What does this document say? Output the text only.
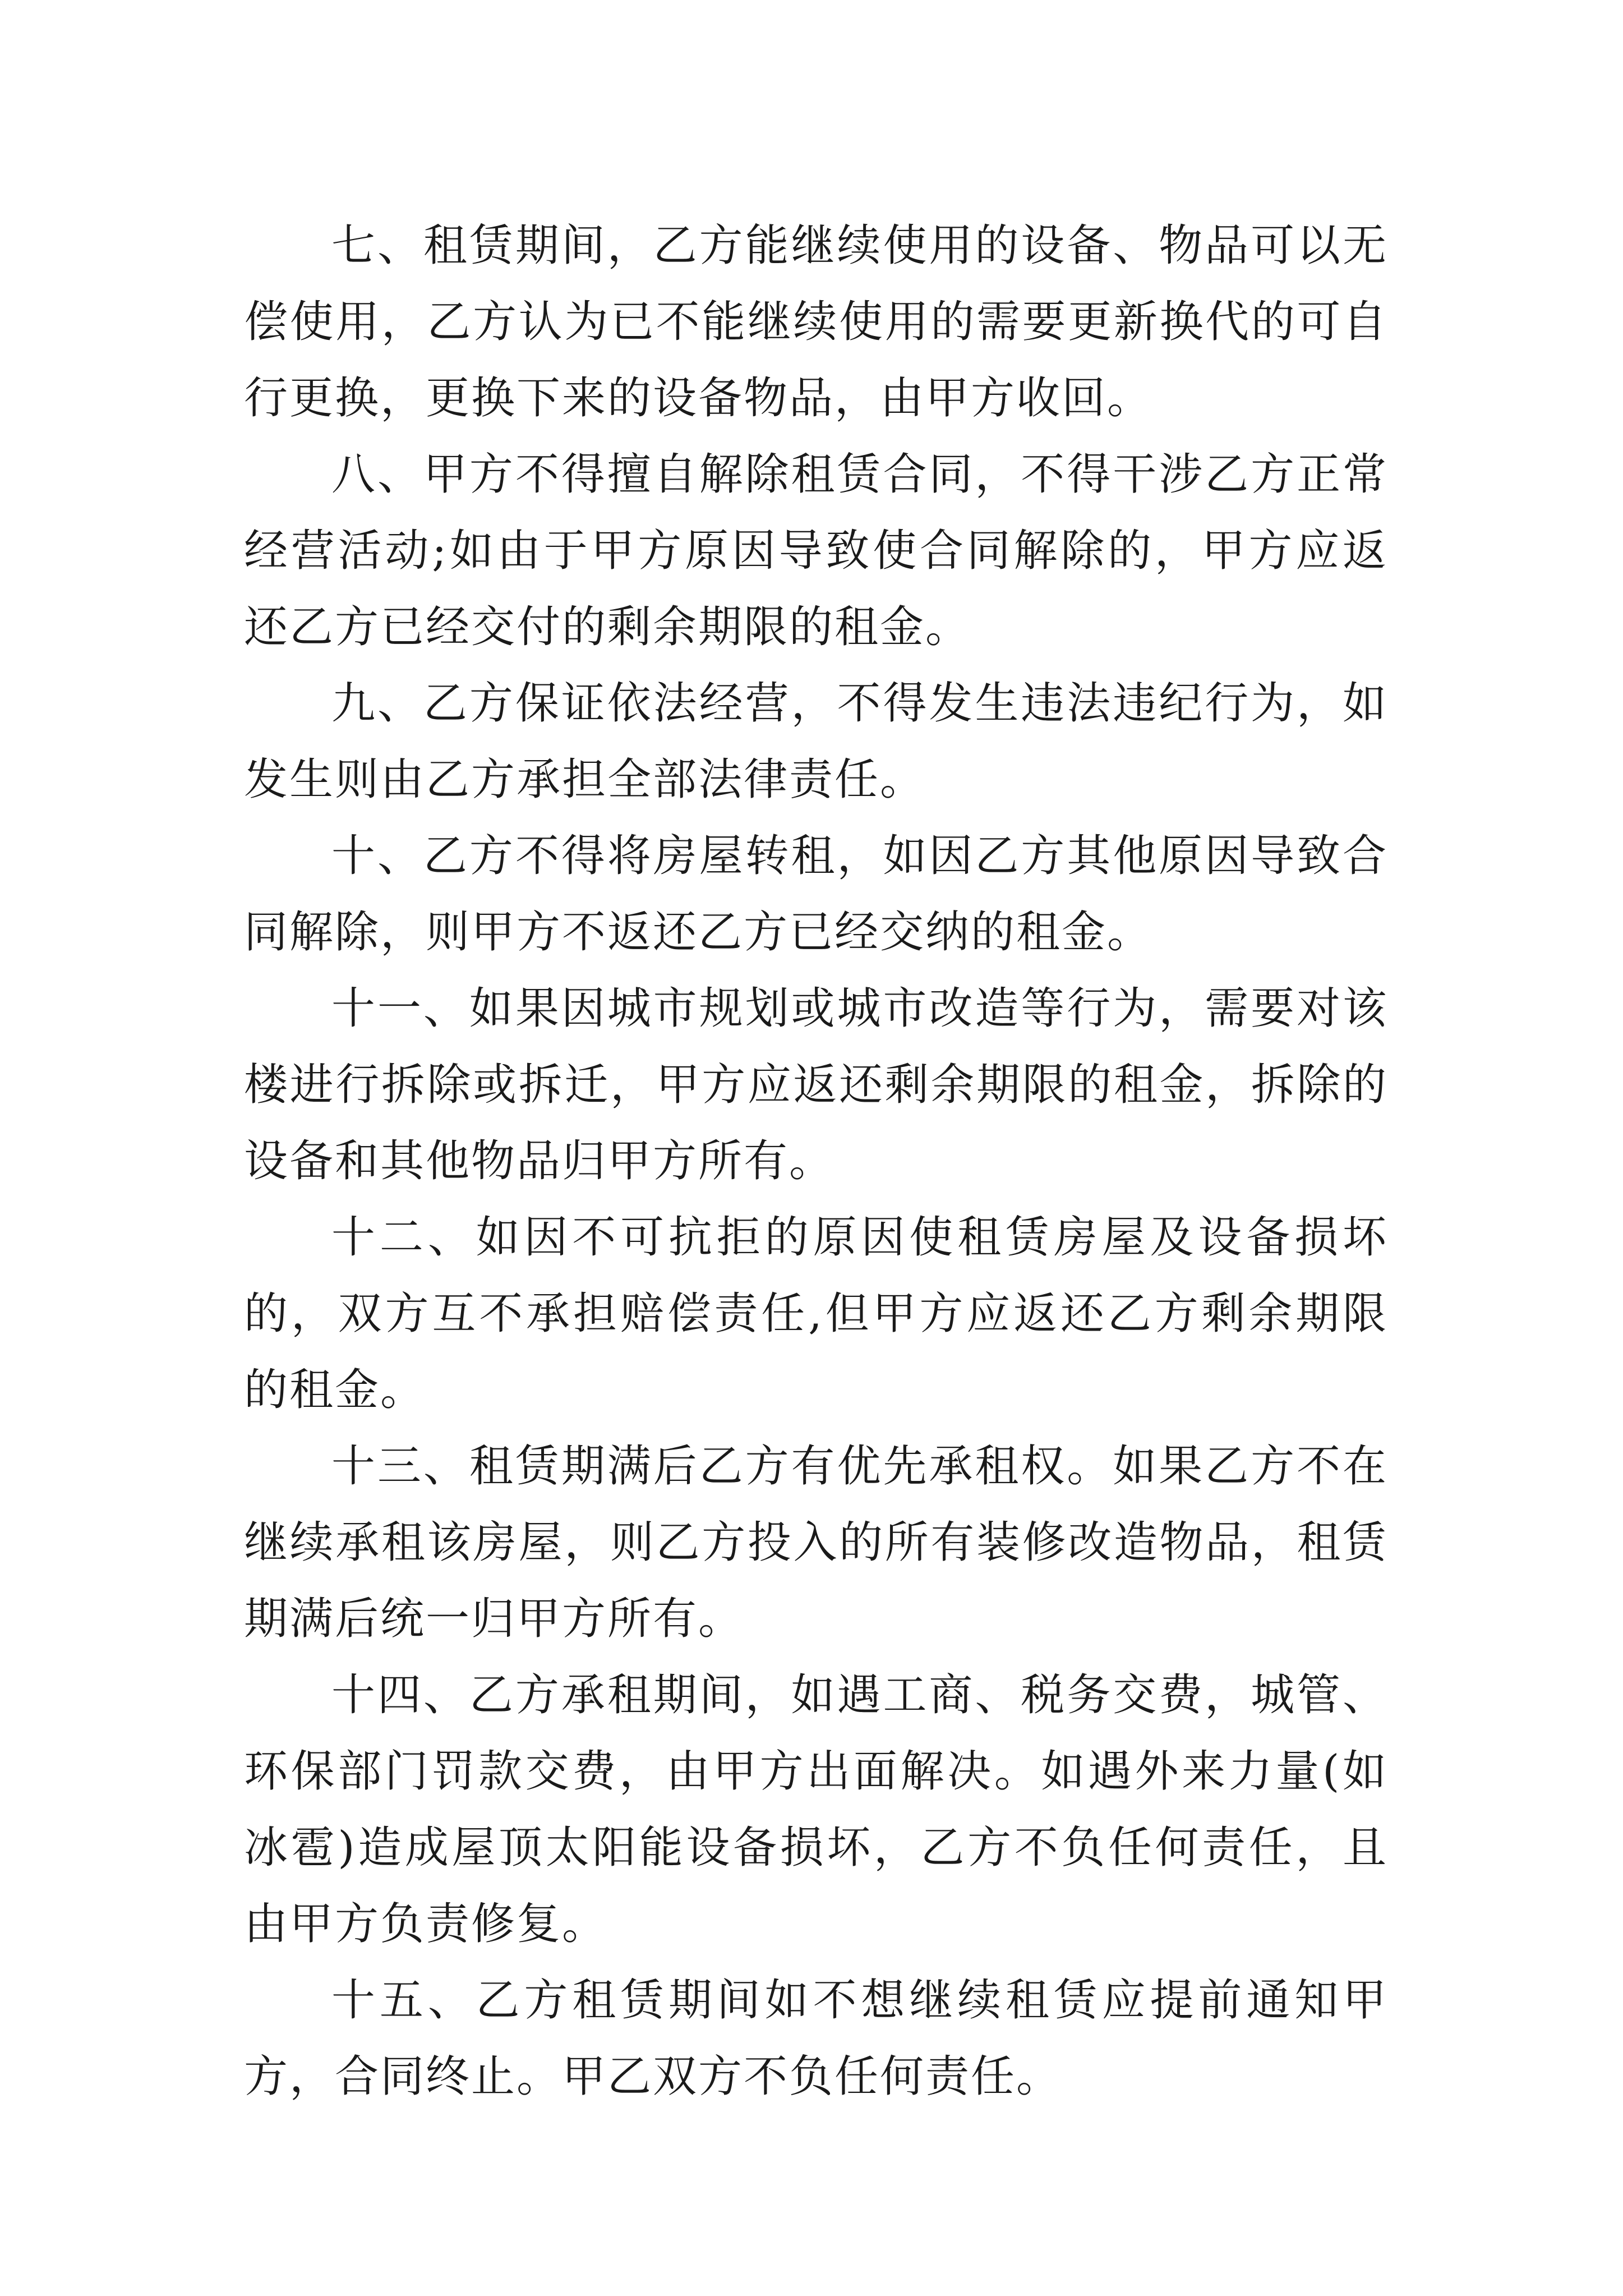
七、租赁期间，乙方能继续使用的设备、物品可以无偿使用，乙方认为已不能继续使用的需要更新换代的可自行更换，更换下来的设备物品，由甲方收回。

八、甲方不得擅自解除租赁合同，不得干涉乙方正常经营活动;如由于甲方原因导致使合同解除的，甲方应返还乙方已经交付的剩余期限的租金。

九、乙方保证依法经营，不得发生违法违纪行为，如发生则由乙方承担全部法律责任。

十、乙方不得将房屋转租，如因乙方其他原因导致合同解除，则甲方不返还乙方已经交纳的租金。

十一、如果因城市规划或城市改造等行为，需要对该楼进行拆除或拆迁，甲方应返还剩余期限的租金，拆除的设备和其他物品归甲方所有。

十二、如因不可抗拒的原因使租赁房屋及设备损坏的，双方互不承担赔偿责任,但甲方应返还乙方剩余期限的租金。

十三、租赁期满后乙方有优先承租权。如果乙方不在继续承租该房屋，则乙方投入的所有装修改造物品，租赁期满后统一归甲方所有。

十四、乙方承租期间，如遇工商、税务交费，城管、环保部门罚款交费，由甲方出面解决。如遇外来力量(如冰雹)造成屋顶太阳能设备损坏，乙方不负任何责任，且由甲方负责修复。

十五、乙方租赁期间如不想继续租赁应提前通知甲方，合同终止。甲乙双方不负任何责任。
